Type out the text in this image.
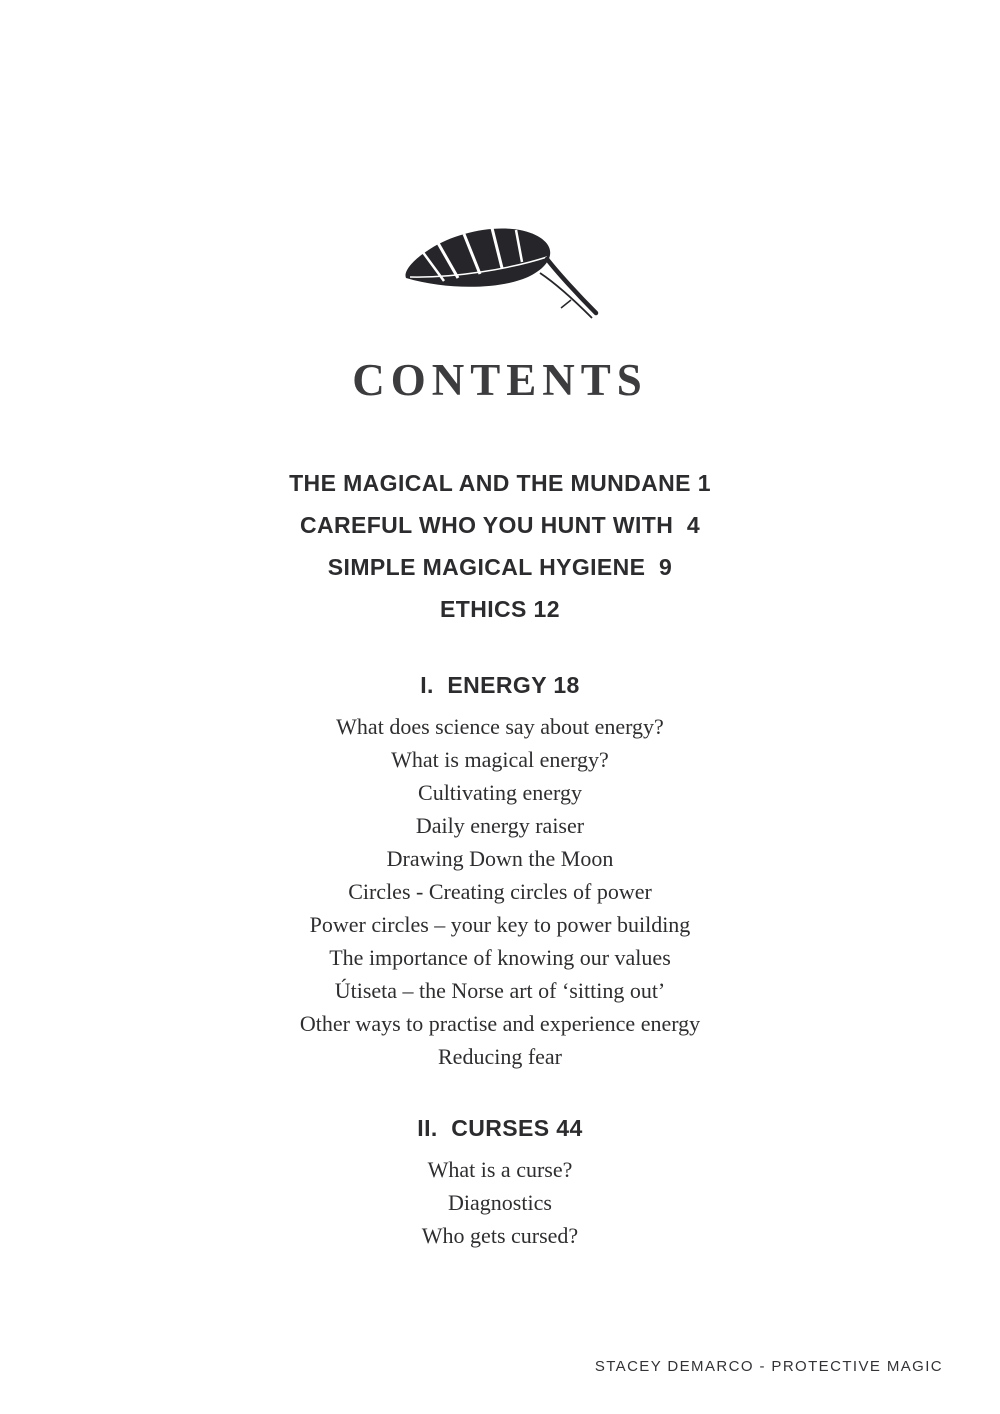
CONTENTS
THE MAGICAL AND THE MUNDANE 1
CAREFUL WHO YOU HUNT WITH  4
SIMPLE MAGICAL HYGIENE  9
ETHICS 12
I.  ENERGY 18
What does science say about energy?
What is magical energy?
Cultivating energy
Daily energy raiser
Drawing Down the Moon
Circles - Creating circles of power
Power circles – your key to power building
The importance of knowing our values
Útiseta – the Norse art of ‘sitting out’
Other ways to practise and experience energy
Reducing fear
II.  CURSES 44
What is a curse?
Diagnostics
Who gets cursed?
STACEY DEMARCO - PROTECTIVE MAGIC
